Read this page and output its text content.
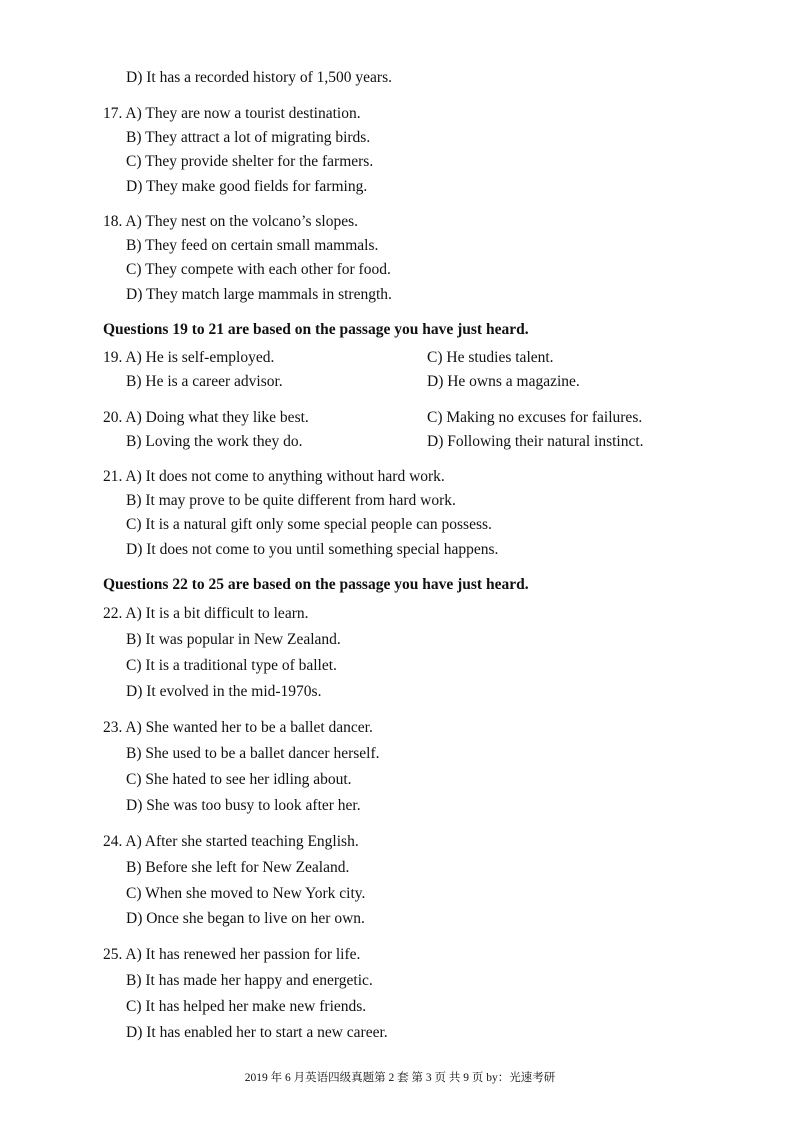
D) It has a recorded history of 1,500 years.
17. A) They are now a tourist destination.
B) They attract a lot of migrating birds.
C) They provide shelter for the farmers.
D) They make good fields for farming.
18. A) They nest on the volcano’s slopes.
B) They feed on certain small mammals.
C) They compete with each other for food.
D) They match large mammals in strength.
Questions 19 to 21 are based on the passage you have just heard.
19. A) He is self-employed.	C) He studies talent.
B) He is a career advisor.	D) He owns a magazine.
20. A) Doing what they like best.	C) Making no excuses for failures.
B) Loving the work they do.	D) Following their natural instinct.
21. A) It does not come to anything without hard work.
B) It may prove to be quite different from hard work.
C) It is a natural gift only some special people can possess.
D) It does not come to you until something special happens.
Questions 22 to 25 are based on the passage you have just heard.
22. A) It is a bit difficult to learn.
B) It was popular in New Zealand.
C) It is a traditional type of ballet.
D) It evolved in the mid-1970s.
23. A) She wanted her to be a ballet dancer.
B) She used to be a ballet dancer herself.
C) She hated to see her idling about.
D) She was too busy to look after her.
24. A) After she started teaching English.
B) Before she left for New Zealand.
C) When she moved to New York city.
D) Once she began to live on her own.
25. A) It has renewed her passion for life.
B) It has made her happy and energetic.
C) It has helped her make new friends.
D) It has enabled her to start a new career.
2019 年 6 月英语四级真题第 2 套 第 3 页 共 9 页 by：光速考研
